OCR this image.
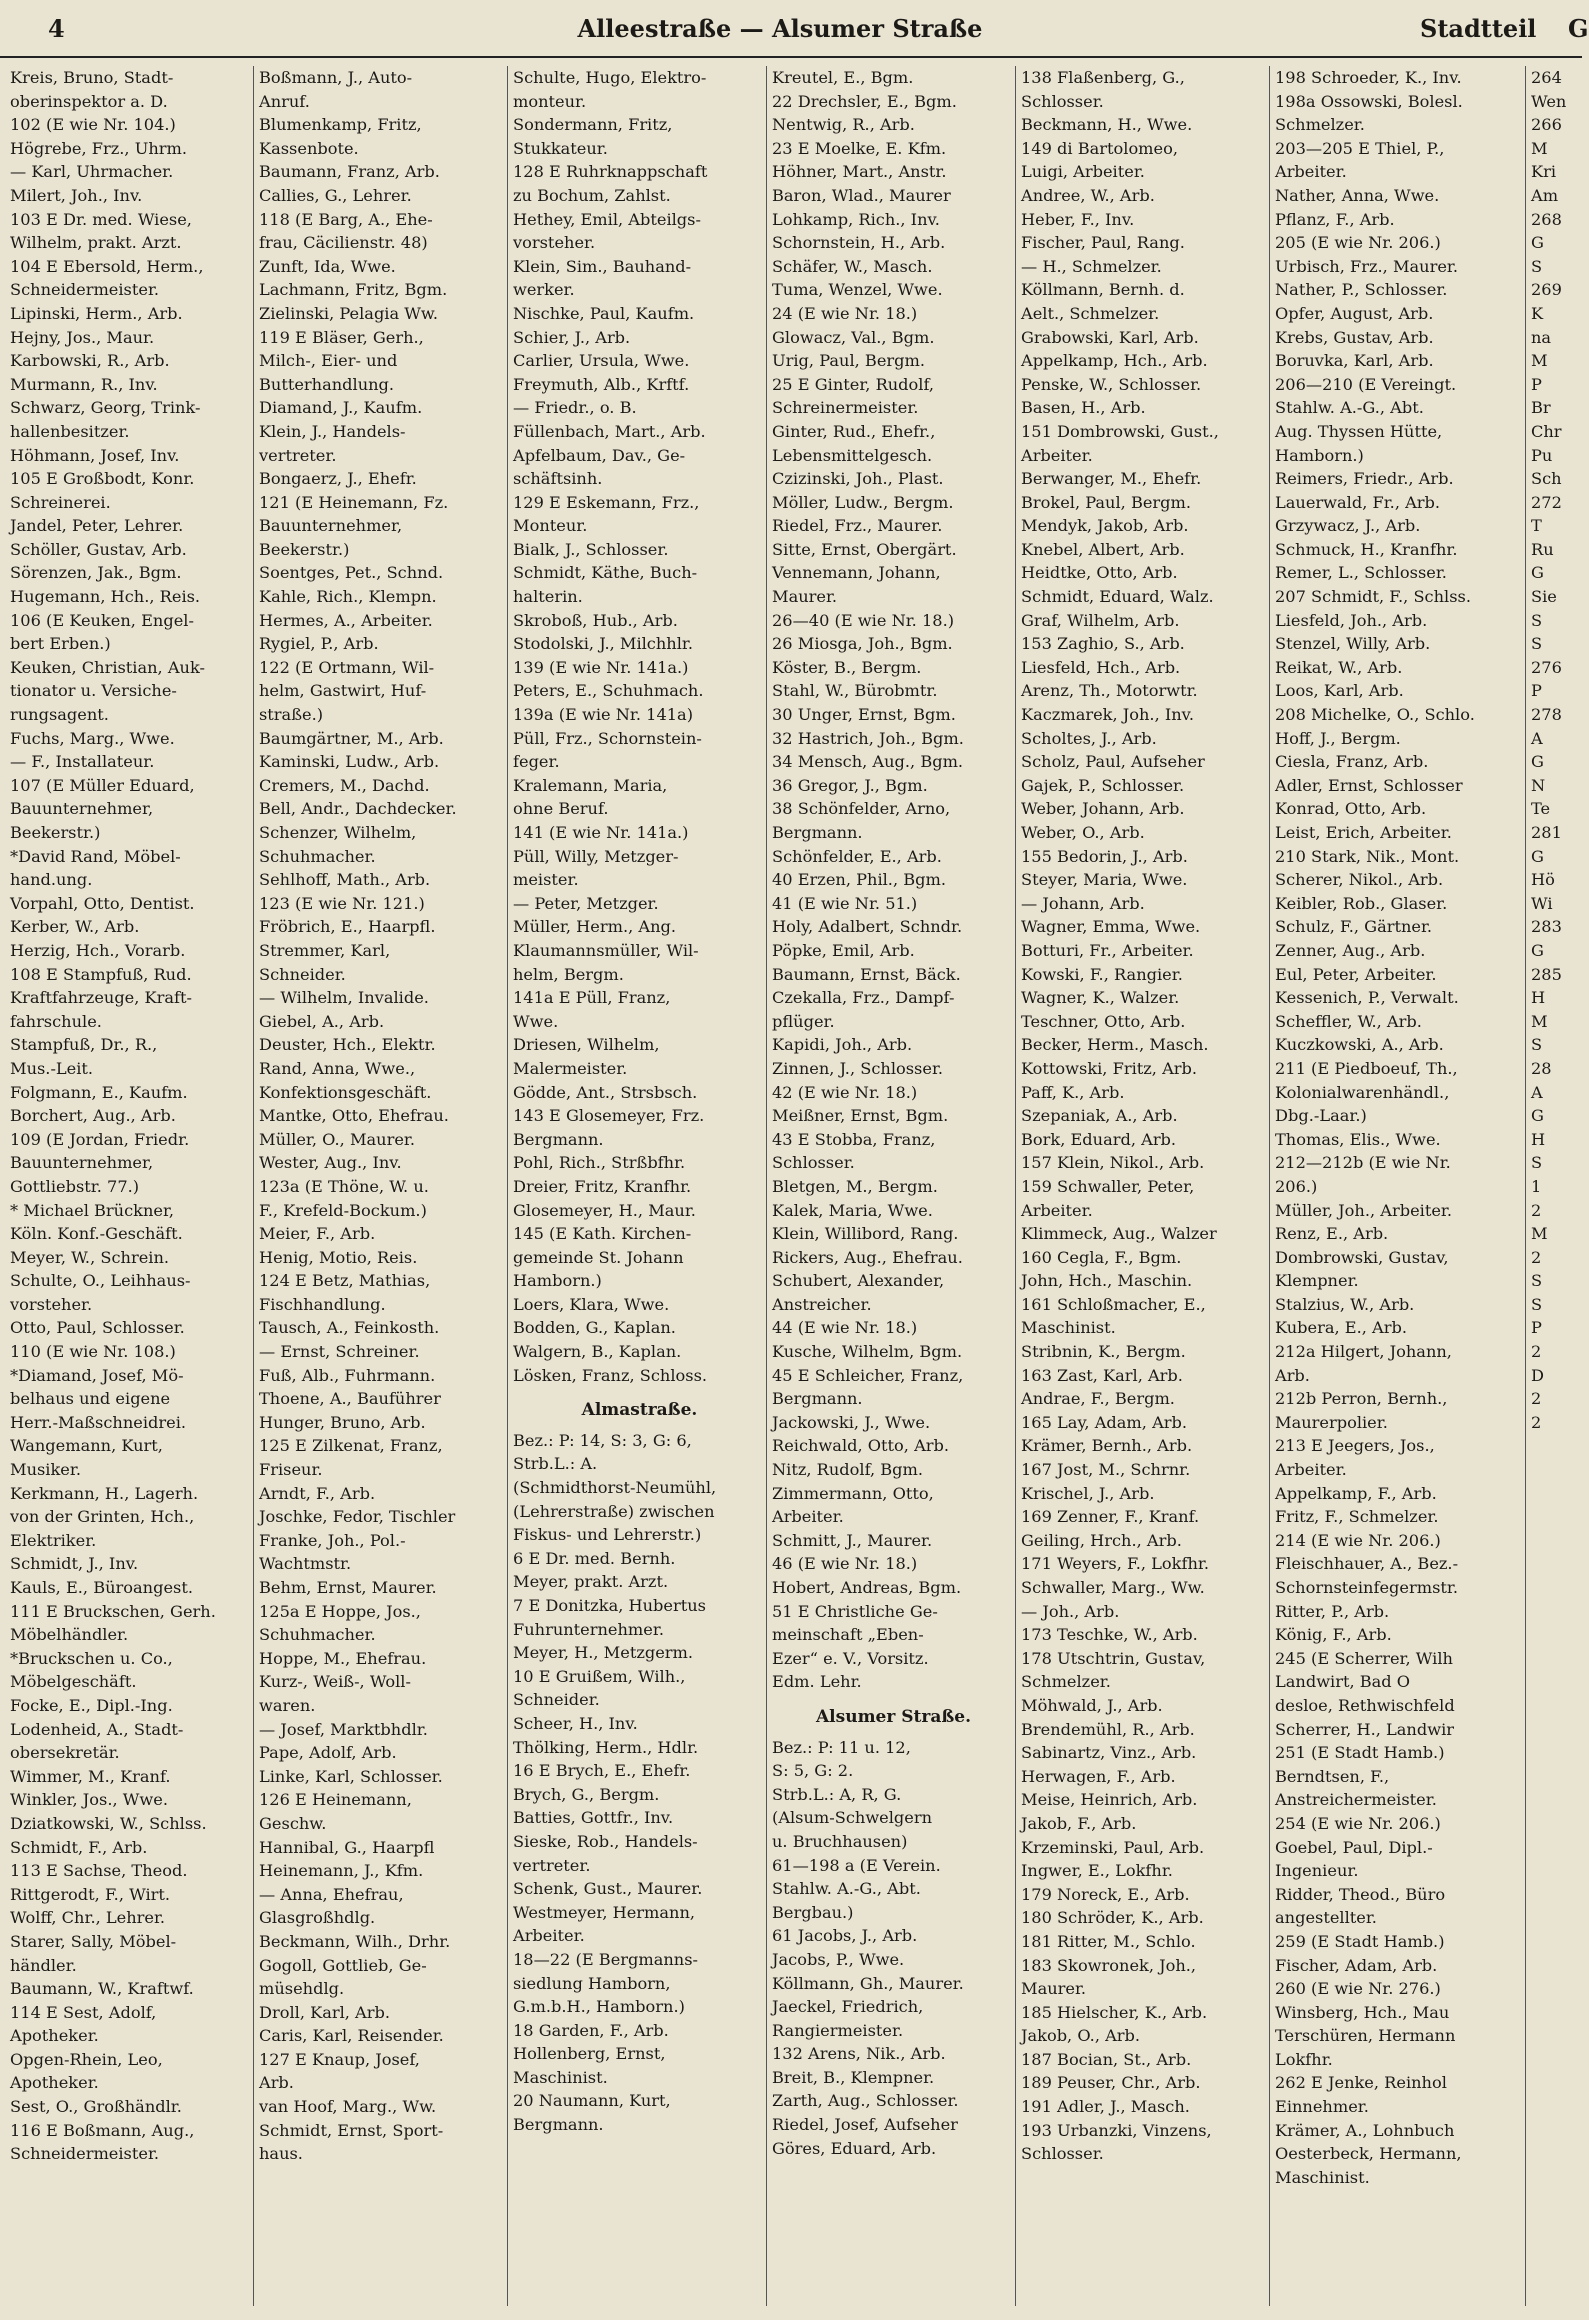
4	Alleestraße — Alsumer Straße	Stadtteil G
Kreis, Bruno, Stadt-
oberinspektor a. D.
102 (E wie Nr. 104.)
Högrebe, Frz., Uhrm.
— Karl, Uhrmacher.
Milert, Joh., Inv.
103 E Dr. med. Wiese,
Wilhelm, prakt. Arzt.
104 E Ebersold, Herm.,
Schneidermeister.
Lipinski, Herm., Arb.
Hejny, Jos., Maur.
Karbowski, R., Arb.
Murmann, R., Inv.
Schwarz, Georg, Trink-
hallenbesitzer.
Höhmann, Josef, Inv.
105 E Großbodt, Konr.
Schreinerei.
Jandel, Peter, Lehrer.
Schöller, Gustav, Arb.
Sörenzen, Jak., Bgm.
Hugemann, Hch., Reis.
106 (E Keuken, Engel-
bert Erben.)
Keuken, Christian, Auk-
tionator u. Versiche-
rungsagent.
Fuchs, Marg., Wwe.
— F., Installateur.
107 (E Müller Eduard,
Bauunternehmer,
Beekerstr.)
*David Rand, Möbel-
hand.ung.
Vorpahl, Otto, Dentist.
Kerber, W., Arb.
Herzig, Hch., Vorarb.
108 E Stampfuß, Rud.
Kraftfahrzeuge, Kraft-
fahrschule.
Stampfuß, Dr., R.,
Mus.-Leit.
Folgmann, E., Kaufm.
Borchert, Aug., Arb.
109 (E Jordan, Friedr.
Bauunternehmer,
Gottliebstr. 77.)
* Michael Brückner,
Köln. Konf.-Geschäft.
Meyer, W., Schrein.
Schulte, O., Leihhaus-
vorsteher.
Otto, Paul, Schlosser.
110 (E wie Nr. 108.)
*Diamand, Josef, Mö-
belhaus und eigene
Herr.-Maßschneidrei.
Wangemann, Kurt,
Musiker.
Kerkmann, H., Lagerh.
von der Grinten, Hch.,
Elektriker.
Schmidt, J., Inv.
Kauls, E., Büroangest.
111 E Bruckschen, Gerh.
Möbelhändler.
*Bruckschen u. Co.,
Möbelgeschäft.
Focke, E., Dipl.-Ing.
Lodenheid, A., Stadt-
obersekretär.
Wimmer, M., Kranf.
Winkler, Jos., Wwe.
Dziatkowski, W., Schlss.
Schmidt, F., Arb.
113 E Sachse, Theod.
Rittgerodt, F., Wirt.
Wolff, Chr., Lehrer.
Starer, Sally, Möbel-
händler.
Baumann, W., Kraftwf.
114 E Sest, Adolf,
Apotheker.
Opgen-Rhein, Leo,
Apotheker.
Sest, O., Großhändlr.
116 E Boßmann, Aug.,
Schneidermeister.
Boßmann, J., Auto-
Anruf.
Blumenkamp, Fritz,
Kassenbote.
Baumann, Franz, Arb.
Callies, G., Lehrer.
118 (E Barg, A., Ehe-
frau, Cäcilienstr. 48)
Zunft, Ida, Wwe.
Lachmann, Fritz, Bgm.
Zielinski, Pelagia Ww.
119 E Bläser, Gerh.,
Milch-, Eier- und
Butterhandlung.
Diamand, J., Kaufm.
Klein, J., Handels-
vertreter.
Bongaerz, J., Ehefr.
121 (E Heinemann, Fz.
Bauunternehmer,
Beekerstr.)
Soentges, Pet., Schnd.
Kahle, Rich., Klempn.
Hermes, A., Arbeiter.
Rygiel, P., Arb.
122 (E Ortmann, Wil-
helm, Gastwirt, Huf-
straße.)
Baumgärtner, M., Arb.
Kaminski, Ludw., Arb.
Cremers, M., Dachd.
Bell, Andr., Dachdecker.
Schenzer, Wilhelm,
Schuhmacher.
Sehlhoff, Math., Arb.
123 (E wie Nr. 121.)
Fröbrich, E., Haarpfl.
Stremmer, Karl,
Schneider.
— Wilhelm, Invalide.
Giebel, A., Arb.
Deuster, Hch., Elektr.
Rand, Anna, Wwe.,
Konfektionsgeschäft.
Mantke, Otto, Ehefrau.
Müller, O., Maurer.
Wester, Aug., Inv.
123a (E Thöne, W. u.
F., Krefeld-Bockum.)
Meier, F., Arb.
Henig, Motio, Reis.
124 E Betz, Mathias,
Fischhandlung.
Tausch, A., Feinkosth.
— Ernst, Schreiner.
Fuß, Alb., Fuhrmann.
Thoene, A., Bauführer
Hunger, Bruno, Arb.
125 E Zilkenat, Franz,
Friseur.
Arndt, F., Arb.
Joschke, Fedor, Tischler
Franke, Joh., Pol.-
Wachtmstr.
Behm, Ernst, Maurer.
125a E Hoppe, Jos.,
Schuhmacher.
Hoppe, M., Ehefrau.
Kurz-, Weiß-, Woll-
waren.
— Josef, Marktbhdlr.
Pape, Adolf, Arb.
Linke, Karl, Schlosser.
126 E Heinemann,
Geschw.
Hannibal, G., Haarpfl
Heinemann, J., Kfm.
— Anna, Ehefrau,
Glasgroßhdlg.
Beckmann, Wilh., Drhr.
Gogoll, Gottlieb, Ge-
müsehdlg.
Droll, Karl, Arb.
Caris, Karl, Reisender.
127 E Knaup, Josef,
Arb.
van Hoof, Marg., Ww.
Schmidt, Ernst, Sport-
haus.
Schulte, Hugo, Elektro-
monteur.
Sondermann, Fritz,
Stukkateur.
128 E Ruhrknappschaft
zu Bochum, Zahlst.
Hethey, Emil, Abteilgs-
vorsteher.
Klein, Sim., Bauhand-
werker.
Nischke, Paul, Kaufm.
Schier, J., Arb.
Carlier, Ursula, Wwe.
Freymuth, Alb., Krftf.
— Friedr., o. B.
Füllenbach, Mart., Arb.
Apfelbaum, Dav., Ge-
schäftsinh.
129 E Eskemann, Frz.,
Monteur.
Bialk, J., Schlosser.
Schmidt, Käthe, Buch-
halterin.
Skroboß, Hub., Arb.
Stodolski, J., Milchhlr.
139 (E wie Nr. 141a.)
Peters, E., Schuhmach.
139a (E wie Nr. 141a)
Püll, Frz., Schornstein-
feger.
Kralemann, Maria,
ohne Beruf.
141 (E wie Nr. 141a.)
Püll, Willy, Metzger-
meister.
— Peter, Metzger.
Müller, Herm., Ang.
Klaumannsmüller, Wil-
helm, Bergm.
141a E Püll, Franz,
Wwe.
Driesen, Wilhelm,
Malermeister.
Gödde, Ant., Strsbsch.
143 E Glosemeyer, Frz.
Bergmann.
Pohl, Rich., Strßbfhr.
Dreier, Fritz, Kranfhr.
Glosemeyer, H., Maur.
145 (E Kath. Kirchen-
gemeinde St. Johann
Hamborn.)
Loers, Klara, Wwe.
Bodden, G., Kaplan.
Walgern, B., Kaplan.
Lösken, Franz, Schloss.
Almastraße.
Bez.: P: 14, S: 3, G: 6,
Strb.L.: A.
(Schmidthorst-Neumühl,
(Lehrerstraße) zwischen
Fiskus- und Lehrerstr.)
6 E Dr. med. Bernh.
Meyer, prakt. Arzt.
7 E Donitzka, Hubertus
Fuhrunternehmer.
Meyer, H., Metzgerm.
10 E Gruißem, Wilh.,
Schneider.
Scheer, H., Inv.
Thölking, Herm., Hdlr.
16 E Brych, E., Ehefr.
Brych, G., Bergm.
Batties, Gottfr., Inv.
Sieske, Rob., Handels-
vertreter.
Schenk, Gust., Maurer.
Westmeyer, Hermann,
Arbeiter.
18—22 (E Bergmanns-
siedlung Hamborn,
G.m.b.H., Hamborn.)
18 Garden, F., Arb.
Hollenberg, Ernst,
Maschinist.
20 Naumann, Kurt,
Bergmann.
Kreutel, E., Bgm.
22 Drechsler, E., Bgm.
Nentwig, R., Arb.
23 E Moelke, E. Kfm.
Höhner, Mart., Anstr.
Baron, Wlad., Maurer
Lohkamp, Rich., Inv.
Schornstein, H., Arb.
Schäfer, W., Masch.
Tuma, Wenzel, Wwe.
24 (E wie Nr. 18.)
Glowacz, Val., Bgm.
Urig, Paul, Bergm.
25 E Ginter, Rudolf,
Schreinermeister.
Ginter, Rud., Ehefr.,
Lebensmittelgesch.
Czizinski, Joh., Plast.
Möller, Ludw., Bergm.
Riedel, Frz., Maurer.
Sitte, Ernst, Obergärt.
Vennemann, Johann,
Maurer.
26—40 (E wie Nr. 18.)
26 Miosga, Joh., Bgm.
Köster, B., Bergm.
Stahl, W., Bürobmtr.
30 Unger, Ernst, Bgm.
32 Hastrich, Joh., Bgm.
34 Mensch, Aug., Bgm.
36 Gregor, J., Bgm.
38 Schönfelder, Arno,
Bergmann.
Schönfelder, E., Arb.
40 Erzen, Phil., Bgm.
41 (E wie Nr. 51.)
Holy, Adalbert, Schndr.
Pöpke, Emil, Arb.
Baumann, Ernst, Bäck.
Czekalla, Frz., Dampf-
pflüger.
Kapidi, Joh., Arb.
Zinnen, J., Schlosser.
42 (E wie Nr. 18.)
Meißner, Ernst, Bgm.
43 E Stobba, Franz,
Schlosser.
Bletgen, M., Bergm.
Kalek, Maria, Wwe.
Klein, Willibord, Rang.
Rickers, Aug., Ehefrau.
Schubert, Alexander,
Anstreicher.
44 (E wie Nr. 18.)
Kusche, Wilhelm, Bgm.
45 E Schleicher, Franz,
Bergmann.
Jackowski, J., Wwe.
Reichwald, Otto, Arb.
Nitz, Rudolf, Bgm.
Zimmermann, Otto,
Arbeiter.
Schmitt, J., Maurer.
46 (E wie Nr. 18.)
Hobert, Andreas, Bgm.
51 E Christliche Ge-
meinschaft „Eben-
Ezer“ e. V., Vorsitz.
Edm. Lehr.
Alsumer Straße.
Bez.: P: 11 u. 12,
S: 5, G: 2.
Strb.L.: A, R, G.
(Alsum-Schwelgern
u. Bruchhausen)
61—198 a (E Verein.
Stahlw. A.-G., Abt.
Bergbau.)
61 Jacobs, J., Arb.
Jacobs, P., Wwe.
Köllmann, Gh., Maurer.
Jaeckel, Friedrich,
Rangiermeister.
132 Arens, Nik., Arb.
Breit, B., Klempner.
Zarth, Aug., Schlosser.
Riedel, Josef, Aufseher
Göres, Eduard, Arb.
138 Flaßenberg, G.,
Schlosser.
Beckmann, H., Wwe.
149 di Bartolomeo,
Luigi, Arbeiter.
Andree, W., Arb.
Heber, F., Inv.
Fischer, Paul, Rang.
— H., Schmelzer.
Köllmann, Bernh. d.
Aelt., Schmelzer.
Grabowski, Karl, Arb.
Appelkamp, Hch., Arb.
Penske, W., Schlosser.
Basen, H., Arb.
151 Dombrowski, Gust.,
Arbeiter.
Berwanger, M., Ehefr.
Brokel, Paul, Bergm.
Mendyk, Jakob, Arb.
Knebel, Albert, Arb.
Heidtke, Otto, Arb.
Schmidt, Eduard, Walz.
Graf, Wilhelm, Arb.
153 Zaghio, S., Arb.
Liesfeld, Hch., Arb.
Arenz, Th., Motorwtr.
Kaczmarek, Joh., Inv.
Scholtes, J., Arb.
Scholz, Paul, Aufseher
Gajek, P., Schlosser.
Weber, Johann, Arb.
Weber, O., Arb.
155 Bedorin, J., Arb.
Steyer, Maria, Wwe.
— Johann, Arb.
Wagner, Emma, Wwe.
Botturi, Fr., Arbeiter.
Kowski, F., Rangier.
Wagner, K., Walzer.
Teschner, Otto, Arb.
Becker, Herm., Masch.
Kottowski, Fritz, Arb.
Paff, K., Arb.
Szepaniak, A., Arb.
Bork, Eduard, Arb.
157 Klein, Nikol., Arb.
159 Schwaller, Peter,
Arbeiter.
Klimmeck, Aug., Walzer
160 Cegla, F., Bgm.
John, Hch., Maschin.
161 Schloßmacher, E.,
Maschinist.
Stribnin, K., Bergm.
163 Zast, Karl, Arb.
Andrae, F., Bergm.
165 Lay, Adam, Arb.
Krämer, Bernh., Arb.
167 Jost, M., Schrnr.
Krischel, J., Arb.
169 Zenner, F., Kranf.
Geiling, Hrch., Arb.
171 Weyers, F., Lokfhr.
Schwaller, Marg., Ww.
— Joh., Arb.
173 Teschke, W., Arb.
178 Utschtrin, Gustav,
Schmelzer.
Möhwald, J., Arb.
Brendemühl, R., Arb.
Sabinartz, Vinz., Arb.
Herwagen, F., Arb.
Meise, Heinrich, Arb.
Jakob, F., Arb.
Krzeminski, Paul, Arb.
Ingwer, E., Lokfhr.
179 Noreck, E., Arb.
180 Schröder, K., Arb.
181 Ritter, M., Schlo.
183 Skowronek, Joh.,
Maurer.
185 Hielscher, K., Arb.
Jakob, O., Arb.
187 Bocian, St., Arb.
189 Peuser, Chr., Arb.
191 Adler, J., Masch.
193 Urbanzki, Vinzens,
Schlosser.
198 Schroeder, K., Inv.
198a Ossowski, Bolesl.
Schmelzer.
203—205 E Thiel, P.,
Arbeiter.
Nather, Anna, Wwe.
Pflanz, F., Arb.
205 (E wie Nr. 206.)
Urbisch, Frz., Maurer.
Nather, P., Schlosser.
Opfer, August, Arb.
Krebs, Gustav, Arb.
Boruvka, Karl, Arb.
206—210 (E Vereingt.
Stahlw. A.-G., Abt.
Aug. Thyssen Hütte,
Hamborn.)
Reimers, Friedr., Arb.
Lauerwald, Fr., Arb.
Grzywacz, J., Arb.
Schmuck, H., Kranfhr.
Remer, L., Schlosser.
207 Schmidt, F., Schlss.
Liesfeld, Joh., Arb.
Stenzel, Willy, Arb.
Reikat, W., Arb.
Loos, Karl, Arb.
208 Michelke, O., Schlo.
Hoff, J., Bergm.
Ciesla, Franz, Arb.
Adler, Ernst, Schlosser
Konrad, Otto, Arb.
Leist, Erich, Arbeiter.
210 Stark, Nik., Mont.
Scherer, Nikol., Arb.
Keibler, Rob., Glaser.
Schulz, F., Gärtner.
Zenner, Aug., Arb.
Eul, Peter, Arbeiter.
Kessenich, P., Verwalt.
Scheffler, W., Arb.
Kuczkowski, A., Arb.
211 (E Piedboeuf, Th.,
Kolonialwarenhändl.,
Dbg.-Laar.)
Thomas, Elis., Wwe.
212—212b (E wie Nr.
206.)
Müller, Joh., Arbeiter.
Renz, E., Arb.
Dombrowski, Gustav,
Klempner.
Stalzius, W., Arb.
Kubera, E., Arb.
212a Hilgert, Johann,
Arb.
212b Perron, Bernh.,
Maurerpolier.
213 E Jeegers, Jos.,
Arbeiter.
Appelkamp, F., Arb.
Fritz, F., Schmelzer.
214 (E wie Nr. 206.)
Fleischhauer, A., Bez.-
Schornsteinfegermstr.
Ritter, P., Arb.
König, F., Arb.
245 (E Scherrer, Wilh
Landwirt, Bad O
desloe, Rethwischfeld
Scherrer, H., Landwir
251 (E Stadt Hamb.)
Berndtsen, F.,
Anstreichermeister.
254 (E wie Nr. 206.)
Goebel, Paul, Dipl.-
Ingenieur.
Ridder, Theod., Büro
angestellter.
259 (E Stadt Hamb.)
Fischer, Adam, Arb.
260 (E wie Nr. 276.)
Winsberg, Hch., Mau
Terschüren, Hermann
Lokfhr.
262 E Jenke, Reinhol
Einnehmer.
Krämer, A., Lohnbuch
Oesterbeck, Hermann,
Maschinist.
264
Wen
266
M
Kri
Am
268
G
S
269
K
na
M
P
Br
Chr
Pu
Sch
272
T
Ru
G
Sie
S
S
276
P
278
A
G
N
Te
281
G
Hö
Wi
283
G
285
H
M
S
28
A
G
H
S
1
2
M
2
S
S
P
2
D
2
2
